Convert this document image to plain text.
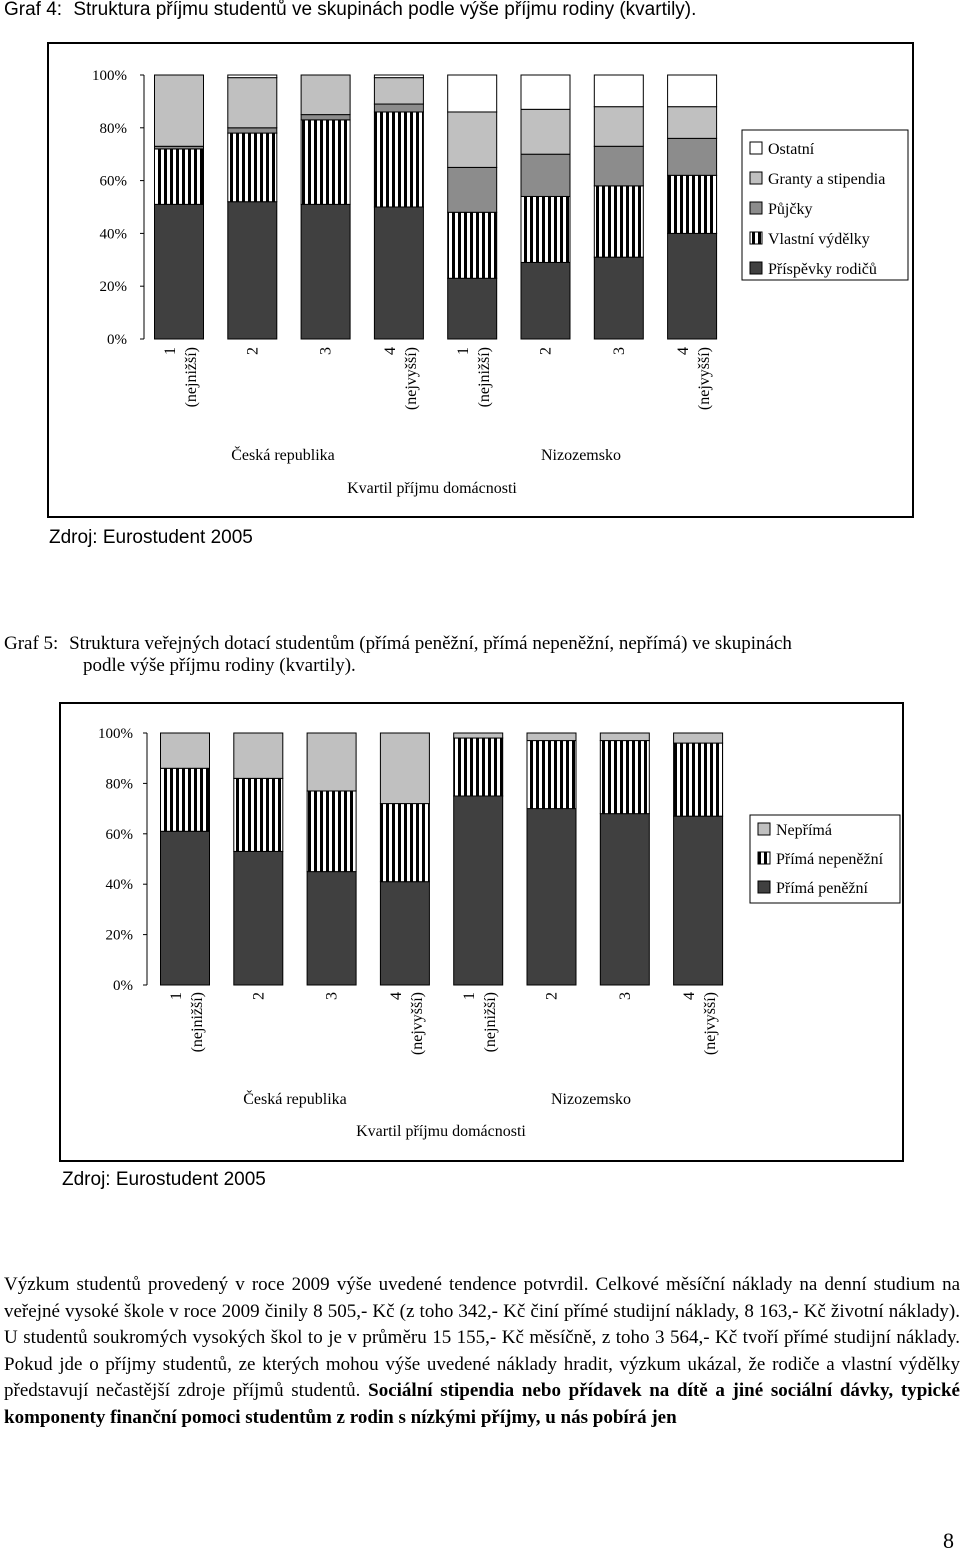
Graf 4: Struktura příjmu studentů ve skupinách podle výše příjmu rodiny (kvartily).
100%
80%
60%
40%
20%
0%
1 (nejnižší)	2	3	4 (nejvyšší) 1 (nejnižší)	2	3	4 (nejvyšší)
Česká republika	Nizozemsko
Kvartil příjmu domácnosti
Ostatní
Granty a stipendia
Půjčky
Vlastní výdělky
Příspěvky rodičů
Zdroj: Eurostudent 2005
Graf 5: Struktura veřejných dotací studentům (přímá peněžní, přímá nepeněžní, nepřímá) ve skupinách
podle výše příjmu rodiny (kvartily).
100%
80%
60%
40%
20%
0%
1 (nejnižší)	2	3	4 (nejvyšší) 1 (nejnižší)	2	3	4 (nejvyšší)
Česká republika	Nizozemsko
Kvartil příjmu domácnosti
Nepřímá
Přímá nepeněžní
Přímá peněžní
Zdroj: Eurostudent 2005
Výzkum studentů provedený v roce 2009 výše uvedené tendence potvrdil. Celkové měsíční náklady na denní studium na veřejné vysoké škole v roce 2009 činily 8 505,- Kč (z toho 342,- Kč činí přímé studijní náklady, 8 163,- Kč životní náklady). U studentů soukromých vysokých škol to je v průměru 15 155,- Kč měsíčně, z toho 3 564,- Kč tvoří přímé studijní náklady. Pokud jde o příjmy studentů, ze kterých mohou výše uvedené náklady hradit, výzkum ukázal, že rodiče a vlastní výdělky představují nečastější zdroje příjmů studentů. Sociální stipendia nebo přídavek na dítě a jiné sociální dávky, typické komponenty finanční pomoci studentům z rodin s nízkými příjmy, u nás pobírá jen
8
